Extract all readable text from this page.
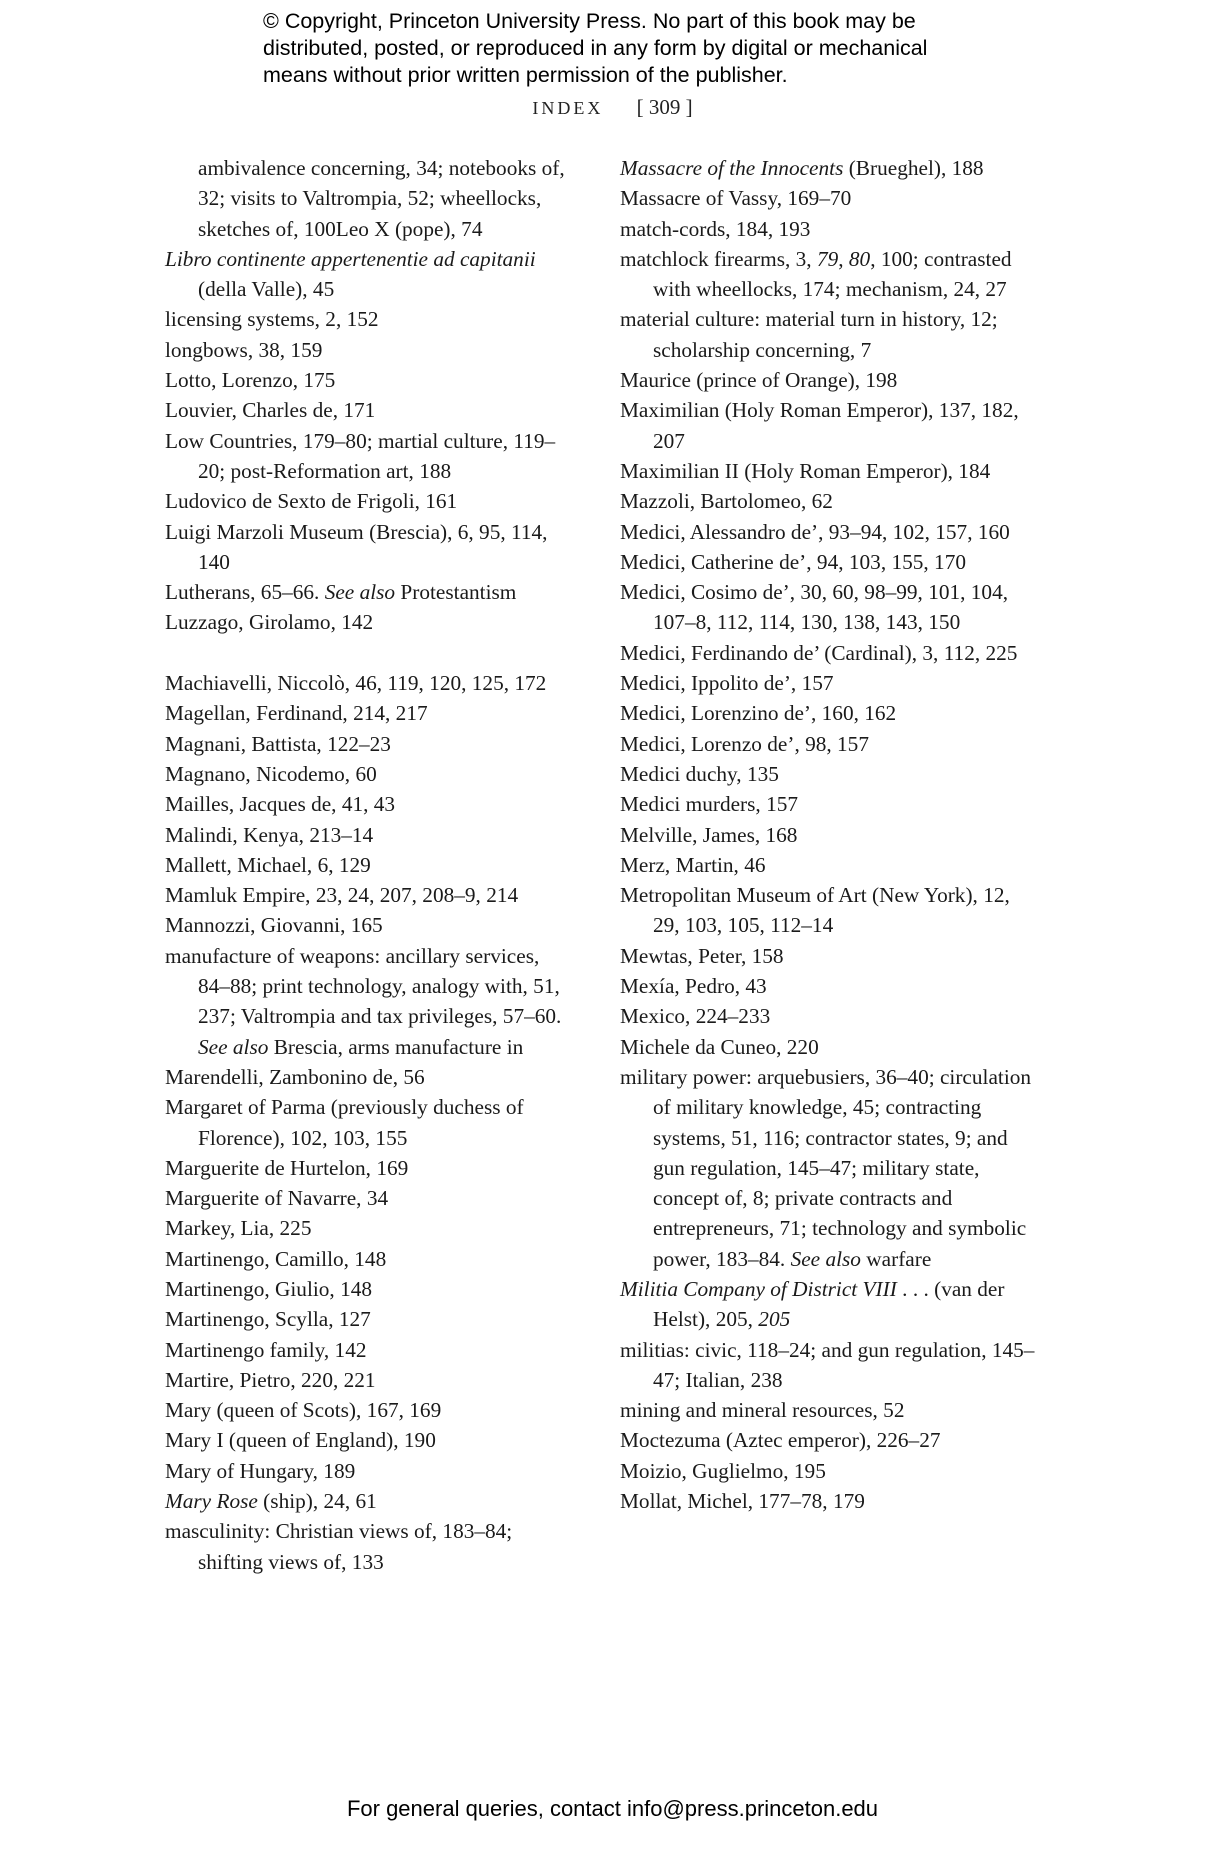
© Copyright, Princeton University Press. No part of this book may be
distributed, posted, or reproduced in any form by digital or mechanical
means without prior written permission of the publisher.
INDEX [ 309 ]

ambivalence concerning, 34; notebooks of, 32; visits to Valtrompia, 52; wheellocks, sketches of, 100Leo X (pope), 74

Libro continente appertenentie ad capitanii (della Valle), 45

licensing systems, 2, 152

longbows, 38, 159

Lotto, Lorenzo, 175

Louvier, Charles de, 171

Low Countries, 179–80; martial culture, 119–20; post-Reformation art, 188

Ludovico de Sexto de Frigoli, 161

Luigi Marzoli Museum (Brescia), 6, 95, 114, 140

Lutherans, 65–66. See also Protestantism

Luzzago, Girolamo, 142

Machiavelli, Niccolò, 46, 119, 120, 125, 172

Magellan, Ferdinand, 214, 217

Magnani, Battista, 122–23

Magnano, Nicodemo, 60

Mailles, Jacques de, 41, 43

Malindi, Kenya, 213–14

Mallett, Michael, 6, 129

Mamluk Empire, 23, 24, 207, 208–9, 214

Mannozzi, Giovanni, 165

manufacture of weapons: ancillary services, 84–88; print technology, analogy with, 51, 237; Valtrompia and tax privileges, 57–60. See also Brescia, arms manufacture in

Marendelli, Zambonino de, 56

Margaret of Parma (previously duchess of Florence), 102, 103, 155

Marguerite de Hurtelon, 169

Marguerite of Navarre, 34

Markey, Lia, 225

Martinengo, Camillo, 148

Martinengo, Giulio, 148

Martinengo, Scylla, 127

Martinengo family, 142

Martire, Pietro, 220, 221

Mary (queen of Scots), 167, 169

Mary I (queen of England), 190

Mary of Hungary, 189

Mary Rose (ship), 24, 61

masculinity: Christian views of, 183–84; shifting views of, 133

Massacre of the Innocents (Brueghel), 188

Massacre of Vassy, 169–70

match-cords, 184, 193

matchlock firearms, 3, 79, 80, 100; contrasted with wheellocks, 174; mechanism, 24, 27

material culture: material turn in history, 12; scholarship concerning, 7

Maurice (prince of Orange), 198

Maximilian (Holy Roman Emperor), 137, 182, 207

Maximilian II (Holy Roman Emperor), 184

Mazzoli, Bartolomeo, 62

Medici, Alessandro de’, 93–94, 102, 157, 160

Medici, Catherine de’, 94, 103, 155, 170

Medici, Cosimo de’, 30, 60, 98–99, 101, 104, 107–8, 112, 114, 130, 138, 143, 150

Medici, Ferdinando de’ (Cardinal), 3, 112, 225

Medici, Ippolito de’, 157

Medici, Lorenzino de’, 160, 162

Medici, Lorenzo de’, 98, 157

Medici duchy, 135

Medici murders, 157

Melville, James, 168

Merz, Martin, 46

Metropolitan Museum of Art (New York), 12, 29, 103, 105, 112–14

Mewtas, Peter, 158

Mexía, Pedro, 43

Mexico, 224–233

Michele da Cuneo, 220

military power: arquebusiers, 36–40; circulation of military knowledge, 45; contracting systems, 51, 116; contractor states, 9; and gun regulation, 145–47; military state, concept of, 8; private contracts and entrepreneurs, 71; technology and symbolic power, 183–84. See also warfare

Militia Company of District VIII . . . (van der Helst), 205, 205

militias: civic, 118–24; and gun regulation, 145–47; Italian, 238

mining and mineral resources, 52

Moctezuma (Aztec emperor), 226–27

Moizio, Guglielmo, 195

Mollat, Michel, 177–78, 179

For general queries, contact info@press.princeton.edu
